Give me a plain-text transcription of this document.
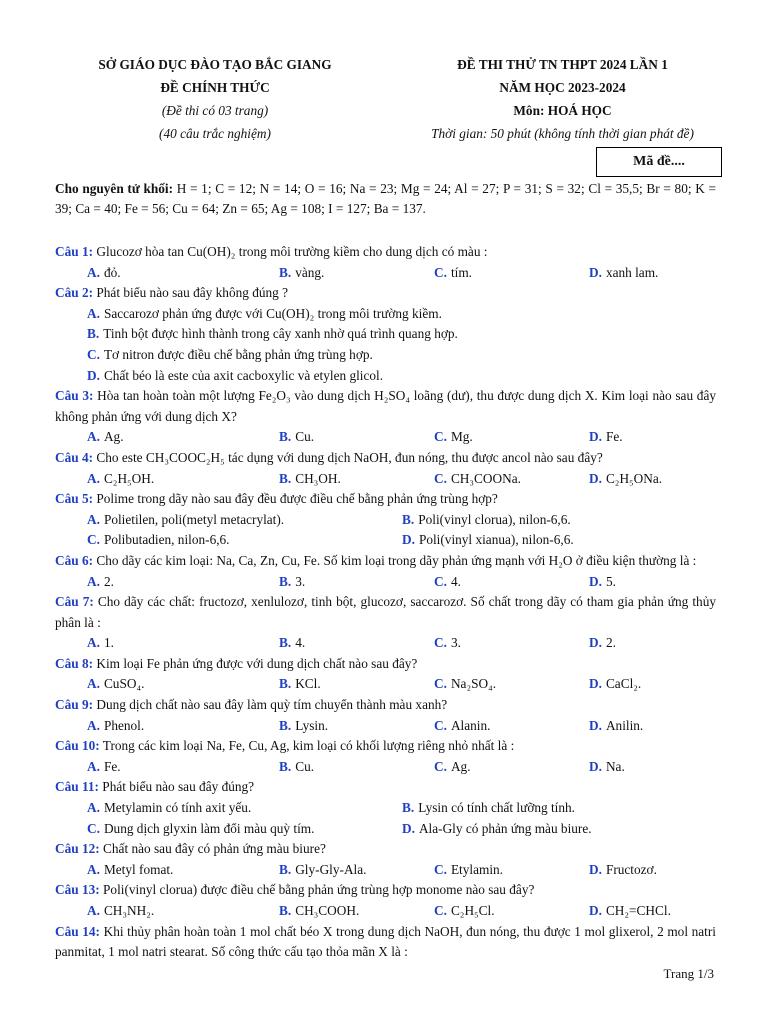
SỞ GIÁO DỤC ĐÀO TẠO BẮC GIANG
ĐỀ CHÍNH THỨC
(Đề thi có 03 trang)
(40 câu trắc nghiệm)
ĐỀ THI THỬ TN THPT 2024 LẦN 1
NĂM HỌC 2023-2024
Môn: HOÁ HỌC
Thời gian: 50 phút (không tính thời gian phát đề)
Mã đề....
Cho nguyên tử khối: H = 1; C = 12; N = 14; O = 16; Na = 23; Mg = 24; Al = 27; P = 31; S = 32; Cl = 35,5; Br = 80; K = 39; Ca = 40; Fe = 56; Cu = 64; Zn = 65; Ag = 108; I = 127; Ba = 137.
Câu 1: Glucozơ hòa tan Cu(OH)₂ trong môi trường kiềm cho dung dịch có màu :
A. đỏ.	B. vàng.	C. tím.	D. xanh lam.
Câu 2: Phát biểu nào sau đây không đúng ?
A. Saccarozơ phản ứng được với Cu(OH)₂ trong môi trường kiềm.
B. Tinh bột được hình thành trong cây xanh nhờ quá trình quang hợp.
C. Tơ nitron được điều chế bằng phản ứng trùng hợp.
D. Chất béo là este của axit cacboxylic và etylen glicol.
Câu 3: Hòa tan hoàn toàn một lượng Fe₂O₃ vào dung dịch H₂SO₄ loãng (dư), thu được dung dịch X. Kim loại nào sau đây không phản ứng với dung dịch X?
A. Ag.	B. Cu.	C. Mg.	D. Fe.
Câu 4: Cho este CH₃COOC₂H₅ tác dụng với dung dịch NaOH, đun nóng, thu được ancol nào sau đây?
A. C₂H₅OH.	B. CH₃OH.	C. CH₃COONa.	D. C₂H₅ONa.
Câu 5: Polime trong dãy nào sau đây đều được điều chế bằng phản ứng trùng hợp?
A. Polietilen, poli(metyl metacrylat).	B. Poli(vinyl clorua), nilon-6,6.
C. Polibutadien, nilon-6,6.	D. Poli(vinyl xianua), nilon-6,6.
Câu 6: Cho dãy các kim loại: Na, Ca, Zn, Cu, Fe. Số kim loại trong dãy phản ứng mạnh với H₂O ở điều kiện thường là :
A. 2.	B. 3.	C. 4.	D. 5.
Câu 7: Cho dãy các chất: fructozơ, xenlulozơ, tinh bột, glucozơ, saccarozơ. Số chất trong dãy có tham gia phản ứng thủy phân là :
A. 1.	B. 4.	C. 3.	D. 2.
Câu 8: Kim loại Fe phản ứng được với dung dịch chất nào sau đây?
A. CuSO₄.	B. KCl.	C. Na₂SO₄.	D. CaCl₂.
Câu 9: Dung dịch chất nào sau đây làm quỳ tím chuyển thành màu xanh?
A. Phenol.	B. Lysin.	C. Alanin.	D. Anilin.
Câu 10: Trong các kim loại Na, Fe, Cu, Ag, kim loại có khối lượng riêng nhỏ nhất là :
A. Fe.	B. Cu.	C. Ag.	D. Na.
Câu 11: Phát biểu nào sau đây đúng?
A. Metylamin có tính axit yếu.	B. Lysin có tính chất lưỡng tính.
C. Dung dịch glyxin làm đổi màu quỳ tím.	D. Ala-Gly có phản ứng màu biure.
Câu 12: Chất nào sau đây có phản ứng màu biure?
A. Metyl fomat.	B. Gly-Gly-Ala.	C. Etylamin.	D. Fructozơ.
Câu 13: Poli(vinyl clorua) được điều chế bằng phản ứng trùng hợp monome nào sau đây?
A. CH₃NH₂.	B. CH₃COOH.	C. C₂H₅Cl.	D. CH₂=CHCl.
Câu 14: Khi thủy phân hoàn toàn 1 mol chất béo X trong dung dịch NaOH, đun nóng, thu được 1 mol glixerol, 2 mol natri panmitat, 1 mol natri stearat. Số công thức cấu tạo thỏa mãn X là :
Trang 1/3
